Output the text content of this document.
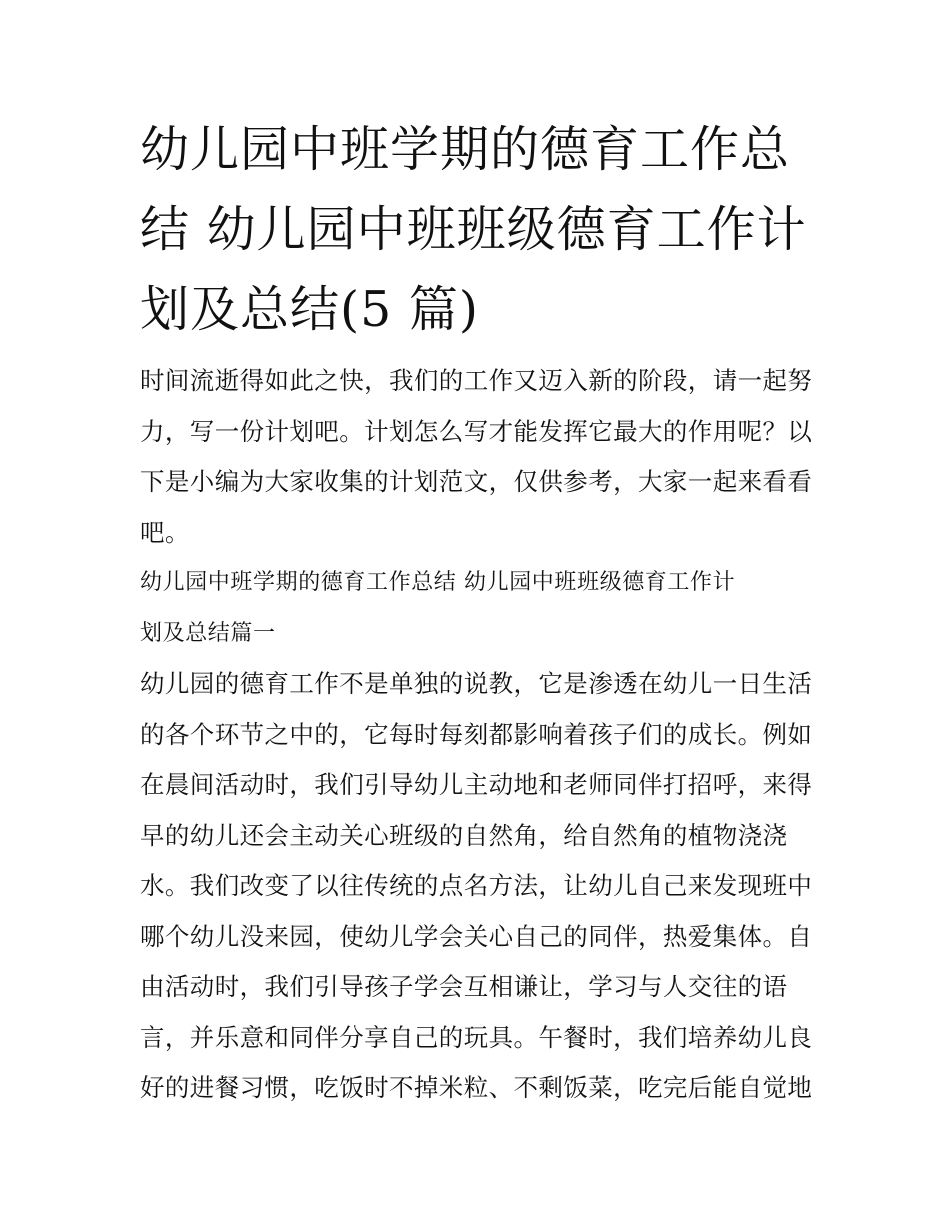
幼儿园中班学期的德育工作总
结 幼儿园中班班级德育工作计
划及总结(5 篇)

时间流逝得如此之快，我们的工作又迈入新的阶段，请一起努
力，写一份计划吧。计划怎么写才能发挥它最大的作用呢？以
下是小编为大家收集的计划范文，仅供参考，大家一起来看看
吧。

幼儿园中班学期的德育工作总结 幼儿园中班班级德育工作计
划及总结篇一

幼儿园的德育工作不是单独的说教，它是渗透在幼儿一日生活
的各个环节之中的，它每时每刻都影响着孩子们的成长。例如
在晨间活动时，我们引导幼儿主动地和老师同伴打招呼，来得
早的幼儿还会主动关心班级的自然角，给自然角的植物浇浇
水。我们改变了以往传统的点名方法，让幼儿自己来发现班中
哪个幼儿没来园，使幼儿学会关心自己的同伴，热爱集体。自
由活动时，我们引导孩子学会互相谦让，学习与人交往的语
言，并乐意和同伴分享自己的玩具。午餐时，我们培养幼儿良
好的进餐习惯，吃饭时不掉米粒、不剩饭菜，吃完后能自觉地
